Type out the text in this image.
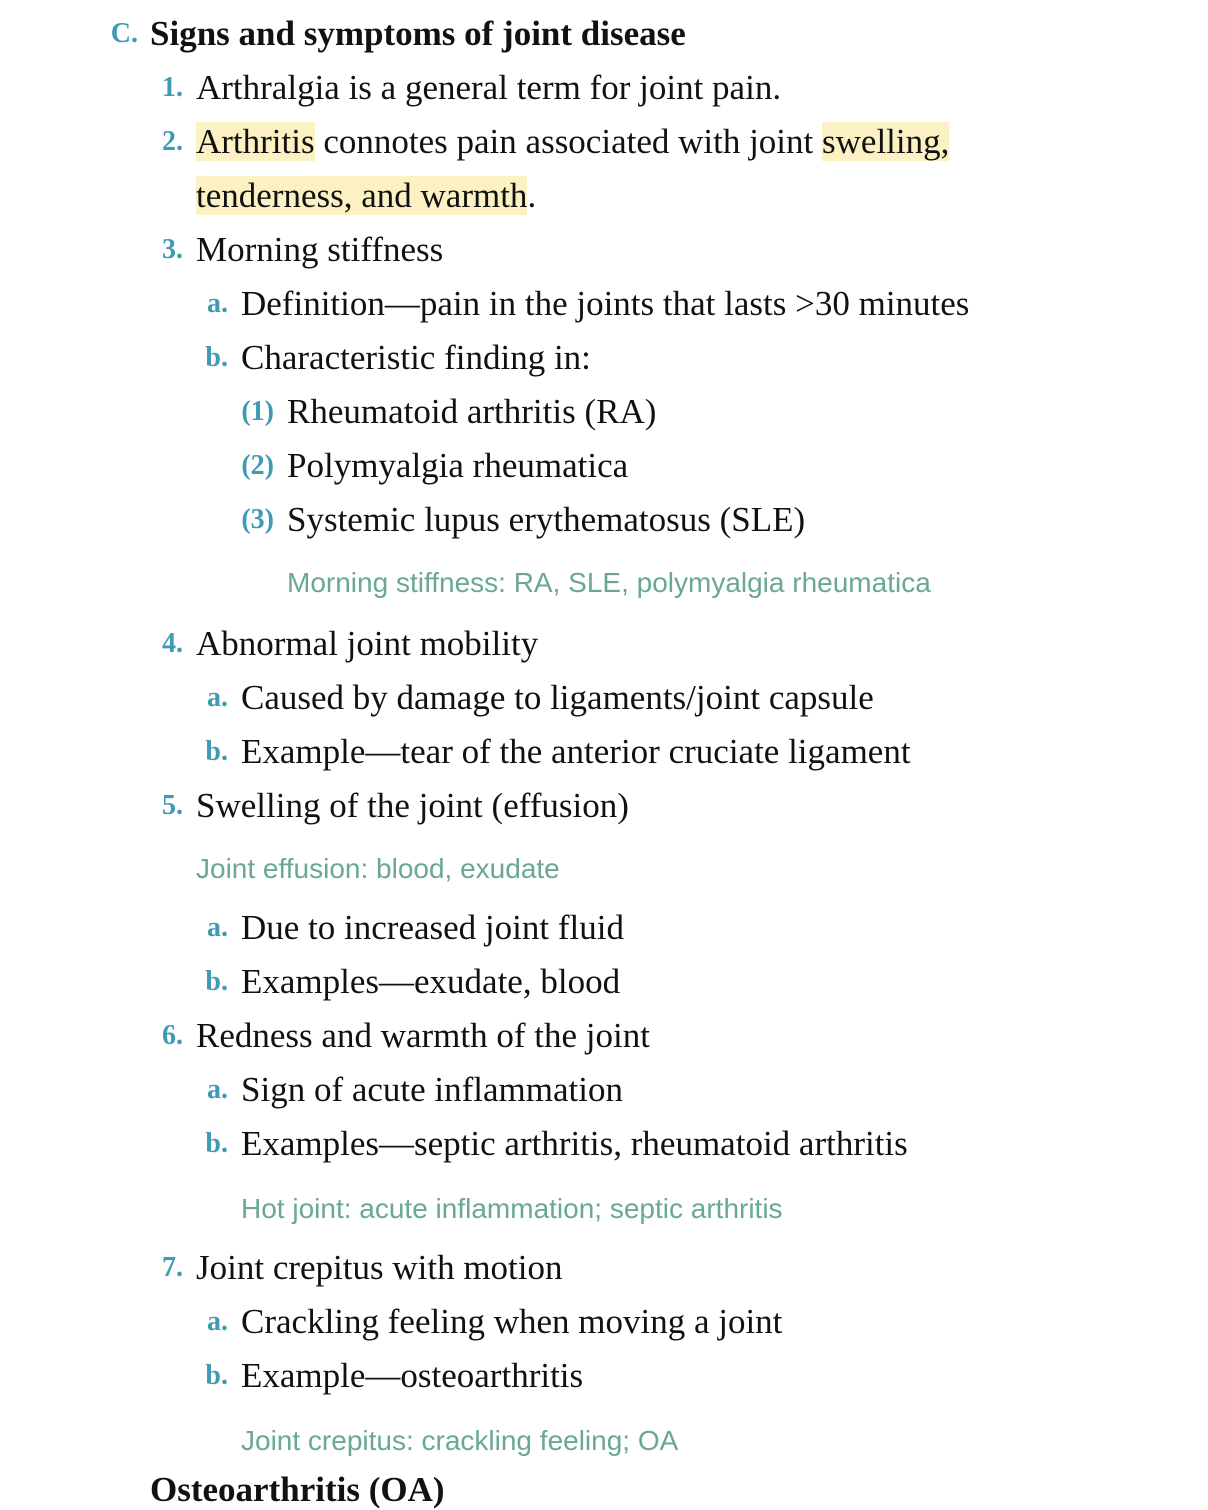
C. Signs and symptoms of joint disease
1. Arthralgia is a general term for joint pain.
2. Arthritis connotes pain associated with joint swelling,
tenderness, and warmth.
3. Morning stiffness
a. Definition—pain in the joints that lasts >30 minutes
b. Characteristic finding in:
(1) Rheumatoid arthritis (RA)
(2) Polymyalgia rheumatica
(3) Systemic lupus erythematosus (SLE)
Morning stiffness: RA, SLE, polymyalgia rheumatica
4. Abnormal joint mobility
a. Caused by damage to ligaments/joint capsule
b. Example—tear of the anterior cruciate ligament
5. Swelling of the joint (effusion)
Joint effusion: blood, exudate
a. Due to increased joint fluid
b. Examples—exudate, blood
6. Redness and warmth of the joint
a. Sign of acute inflammation
b. Examples—septic arthritis, rheumatoid arthritis
Hot joint: acute inflammation; septic arthritis
7. Joint crepitus with motion
a. Crackling feeling when moving a joint
b. Example—osteoarthritis
Joint crepitus: crackling feeling; OA
Osteoarthritis (OA)
